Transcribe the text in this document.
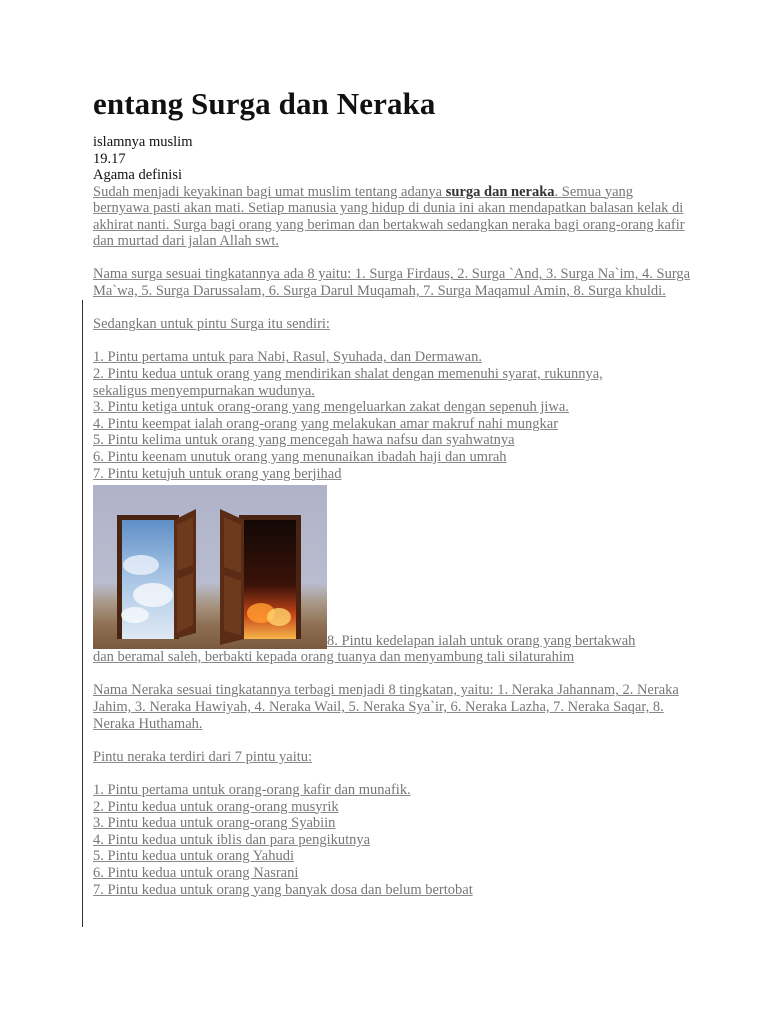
entang Surga dan Neraka
islamnya muslim
19.17
Agama definisi

Sudah menjadi keyakinan bagi umat muslim tentang adanya surga dan neraka. Semua yang bernyawa pasti akan mati. Setiap manusia yang hidup di dunia ini akan mendapatkan balasan kelak di akhirat nanti. Surga bagi orang yang beriman dan bertakwah sedangkan neraka bagi orang-orang kafir dan murtad dari jalan Allah swt.

Nama surga sesuai tingkatannya ada 8 yaitu: 1. Surga Firdaus, 2. Surga `And, 3. Surga Na`im, 4. Surga Ma`wa, 5. Surga Darussalam, 6. Surga Darul Muqamah, 7. Surga Maqamul Amin, 8. Surga khuldi.

Sedangkan untuk pintu Surga itu sendiri:

1. Pintu pertama untuk para Nabi, Rasul, Syuhada, dan Dermawan.
2. Pintu kedua untuk orang yang mendirikan shalat dengan memenuhi syarat, rukunnya,
sekaligus menyempurnakan wudunya.
3. Pintu ketiga untuk orang-orang yang mengeluarkan zakat dengan sepenuh jiwa.
4. Pintu keempat ialah orang-orang yang melakukan amar makruf nahi mungkar
5. Pintu kelima untuk orang yang mencegah hawa nafsu dan syahwatnya
6. Pintu keenam unutuk orang yang menunaikan ibadah haji dan umrah
7. Pintu ketujuh untuk orang yang berjihad
8. Pintu kedelapan ialah untuk orang yang bertakwah
dan beramal saleh, berbakti kepada orang tuanya dan menyambung tali silaturahim

Nama Neraka sesuai tingkatannya terbagi menjadi 8 tingkatan, yaitu: 1. Neraka Jahannam, 2. Neraka Jahim, 3. Neraka Hawiyah, 4. Neraka Wail, 5. Neraka Sya`ir, 6. Neraka Lazha, 7. Neraka Saqar, 8. Neraka Huthamah.

Pintu neraka terdiri dari 7 pintu yaitu:

1. Pintu pertama untuk orang-orang kafir dan munafik.
2. Pintu kedua untuk orang-orang musyrik
3. Pintu kedua untuk orang-orang Syabiin
4. Pintu kedua untuk iblis dan para pengikutnya
5. Pintu kedua untuk orang Yahudi
6. Pintu kedua untuk orang Nasrani
7. Pintu kedua untuk orang yang banyak dosa dan belum bertobat
